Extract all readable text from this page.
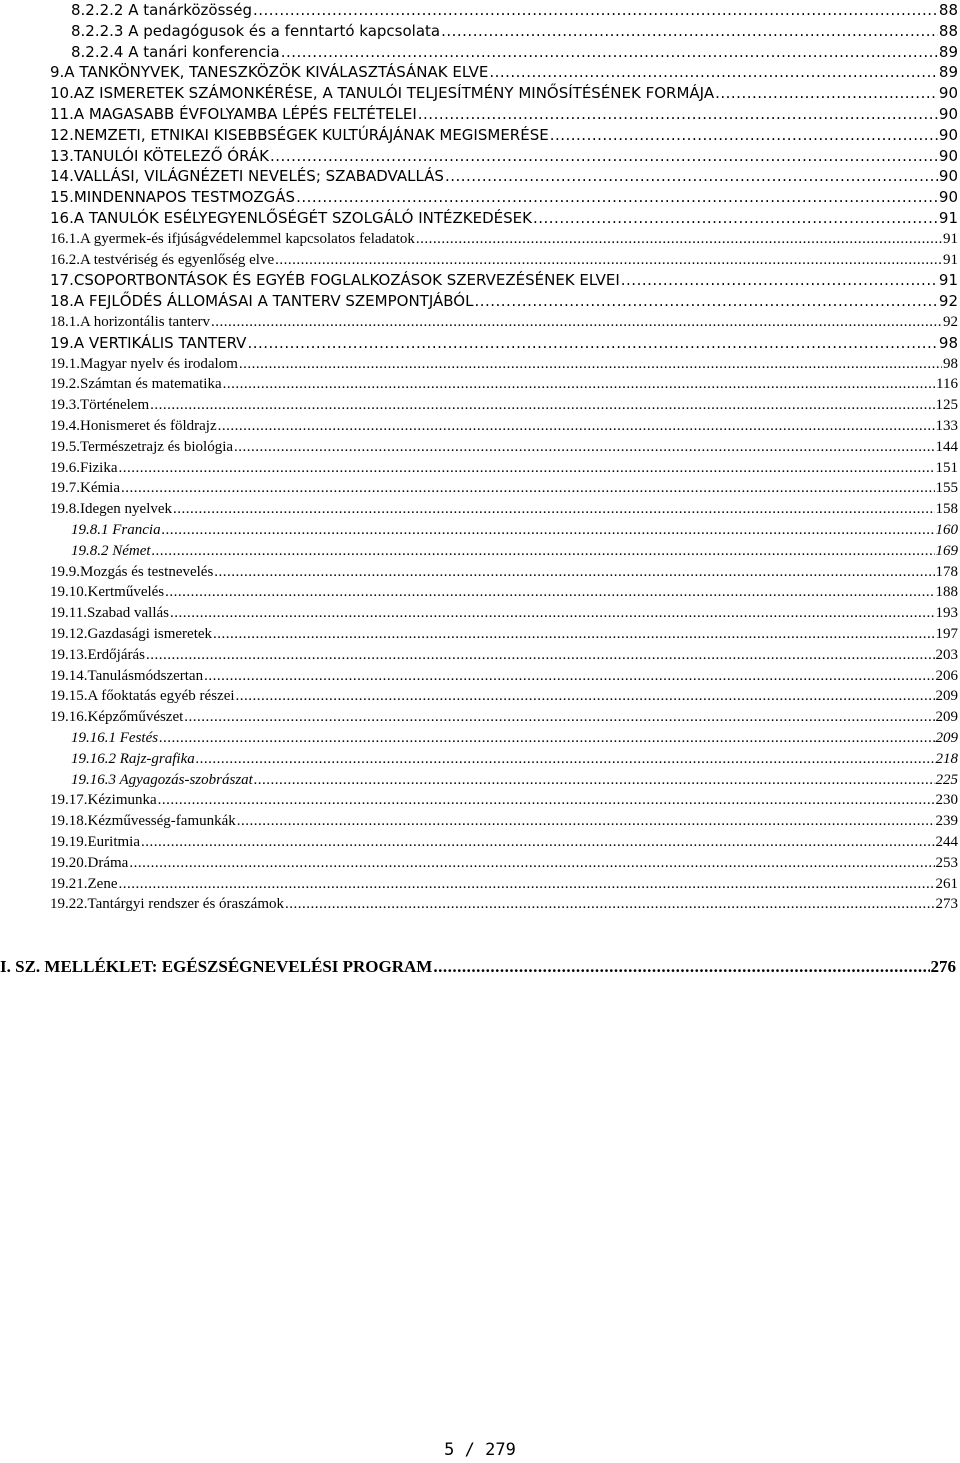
8.2.2.2 A tanárközösség .....	88
8.2.2.3 A pedagógusok és a fenntartó kapcsolata .....	88
8.2.2.4 A tanári konferencia .....	89
9.A TANKÖNYVEK, TANESZKÖZÖK KIVÁLASZTÁSÁNAK ELVE .....	89
10.AZ ISMERETEK SZÁMONKÉRÉSE, A TANULÓI TELJESÍTMÉNY MINŐSÍTÉSÉNEK FORMÁJA .....	90
11.A MAGASABB ÉVFOLYAMBA LÉPÉS FELTÉTELEI .....	90
12.NEMZETI, ETNIKAI KISEBBSÉGEK KULTÚRÁJÁNAK MEGISMERÉSE .....	90
13.TANULÓI KÖTELEZŐ ÓRÁK .....	90
14.VALLÁSI, VILÁGNÉZETI NEVELÉS; SZABADVALLÁS .....	90
15.MINDENNAPOS TESTMOZGÁS .....	90
16.A TANULÓK ESÉLYEGYENLŐSÉGÉT SZOLGÁLÓ INTÉZKEDÉSEK .....	91
16.1.A gyermek-és ifjúságvédelemmel kapcsolatos feladatok .....	91
16.2.A testvériség és egyenlőség elve .....	91
17.CSOPORTBONTÁSOK ÉS EGYÉB FOGLALKOZÁSOK SZERVEZÉSÉNEK ELVEI .....	91
18.A FEJLŐDÉS ÁLLOMÁSAI A TANTERV SZEMPONTJÁBÓL .....	92
18.1.A horizontális tanterv .....	92
19.A VERTIKÁLIS TANTERV .....	98
19.1.Magyar nyelv és irodalom .....	98
19.2.Számtan és matematika .....	116
19.3.Történelem .....	125
19.4.Honismeret és földrajz .....	133
19.5.Természetrajz és biológia .....	144
19.6.Fizika .....	151
19.7.Kémia .....	155
19.8.Idegen nyelvek .....	158
19.8.1 Francia .....	160
19.8.2 Német .....	169
19.9.Mozgás és testnevelés .....	178
19.10.Kertművelés .....	188
19.11.Szabad vallás .....	193
19.12.Gazdasági ismeretek .....	197
19.13.Erdőjárás .....	203
19.14.Tanulásmódszertan .....	206
19.15.A főoktatás egyéb részei .....	209
19.16.Képzőművészet .....	209
19.16.1 Festés .....	209
19.16.2 Rajz-grafika .....	218
19.16.3 Agyagozás-szobrászat .....	225
19.17.Kézimunka .....	230
19.18.Kézművesség-famunkák .....	239
19.19.Euritmia .....	244
19.20.Dráma .....	253
19.21.Zene .....	261
19.22.Tantárgyi rendszer és óraszámok .....	273
I. SZ. MELLÉKLET: EGÉSZSÉGNEVELÉSI PROGRAM .....	276
5 / 279
